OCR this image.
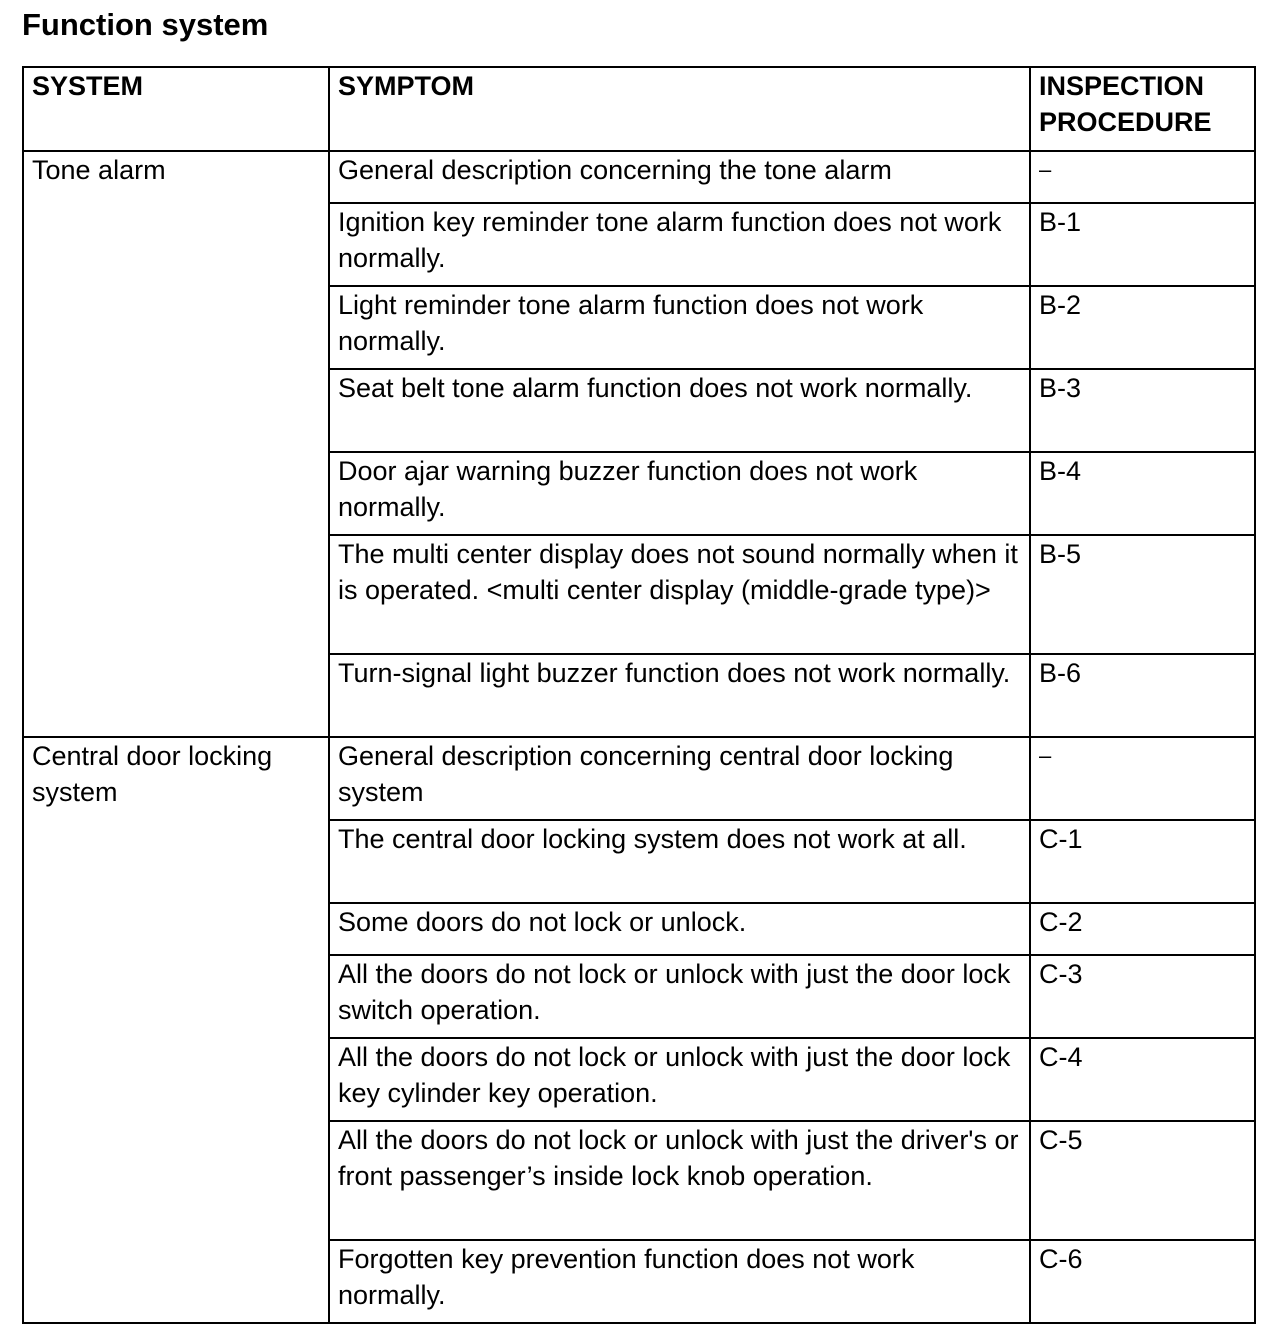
Function system
SYSTEM	SYMPTOM	INSPECTION
PROCEDURE
Tone alarm	General description concerning the tone alarm	–
	Ignition key reminder tone alarm function does not work normally.	B-1
	Light reminder tone alarm function does not work normally.	B-2
	Seat belt tone alarm function does not work normally.	B-3
	Door ajar warning buzzer function does not work normally.	B-4
	The multi center display does not sound normally when it is operated. <multi center display (middle-grade type)>	B-5
	Turn-signal light buzzer function does not work normally.	B-6
Central door locking system	General description concerning central door locking system	–
	The central door locking system does not work at all.	C-1
	Some doors do not lock or unlock.	C-2
	All the doors do not lock or unlock with just the door lock switch operation.	C-3
	All the doors do not lock or unlock with just the door lock key cylinder key operation.	C-4
	All the doors do not lock or unlock with just the driver's or front passenger’s inside lock knob operation.	C-5
	Forgotten key prevention function does not work normally.	C-6
